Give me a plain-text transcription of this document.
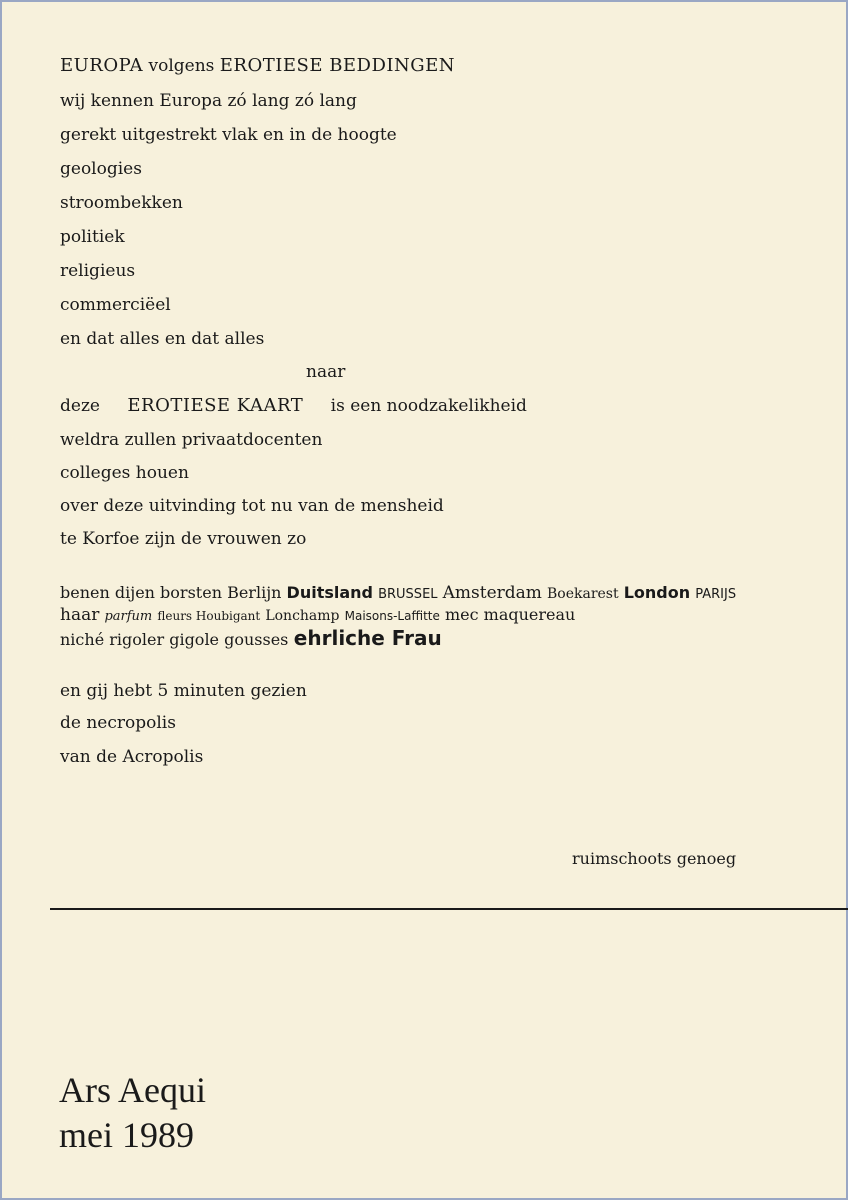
EUROPA volgens EROTIESE BEDDINGEN
wij kennen Europa zó lang zó lang
gerekt uitgestrekt vlak en in de hoogte
geologies
stroombekken
politiek
religieus
commerciëel
en dat alles en dat alles
naar
deze EROTIESE KAART is een noodzakelikheid
weldra zullen privaatdocenten
colleges houen
over deze uitvinding tot nu van de mensheid
te Korfoe zijn de vrouwen zo
benen dijen borsten Berlijn Duitsland BRUSSEL Amsterdam Boekarest London PARIJS
haar parfum fleurs Houbigant Lonchamp Maisons-Laffitte mec maquereau
niché rigoler gigole gousses ehrliche Frau
en gij hebt 5 minuten gezien
de necropolis
van de Acropolis
ruimschoots genoeg
Ars Aequi
mei 1989
